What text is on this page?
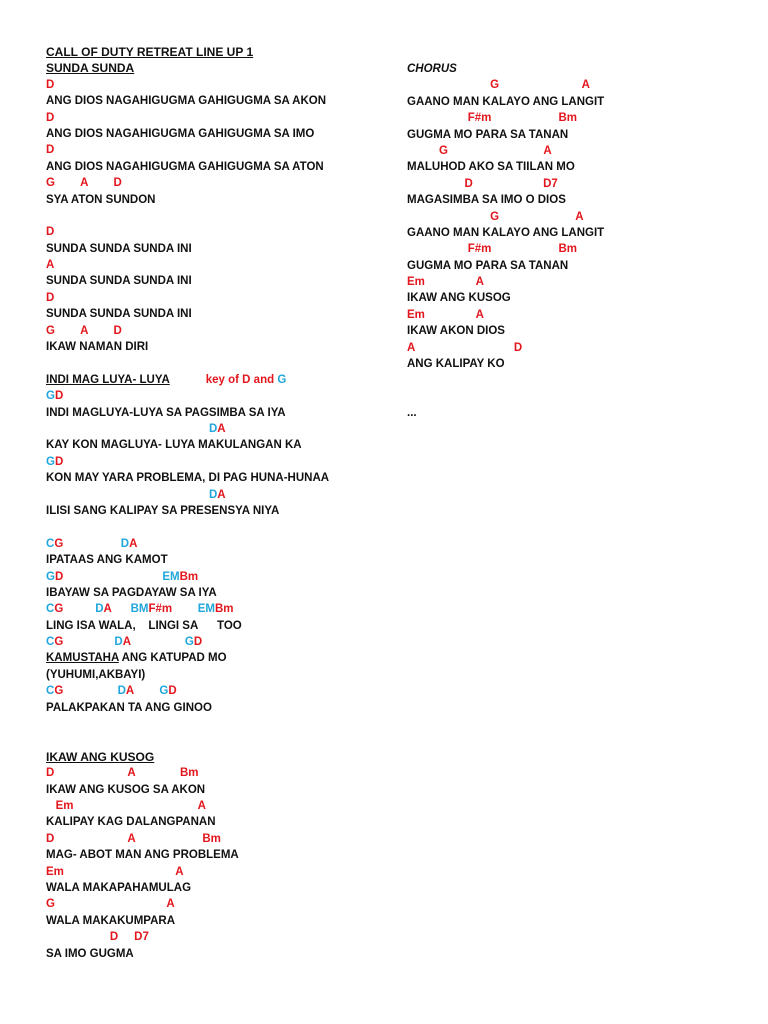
CALL OF DUTY RETREAT LINE UP 1
SUNDA SUNDA
D
ANG DIOS NAGAHIGUGMA GAHIGUGMA SA AKON
D
ANG DIOS NAGAHIGUGMA GAHIGUGMA SA IMO
D
ANG DIOS NAGAHIGUGMA GAHIGUGMA SA ATON
G        A        D
SYA ATON SUNDON
D
SUNDA SUNDA SUNDA INI
A
SUNDA SUNDA SUNDA INI
D
SUNDA SUNDA SUNDA INI
G        A        D
IKAW NAMAN DIRI
INDI MAG LUYA- LUYA	key of D and G
GD
INDI MAGLUYA-LUYA SA PAGSIMBA SA IYA
DA
KAY KON MAGLUYA- LUYA MAKULANGAN KA
GD
KON MAY YARA PROBLEMA, DI PAG HUNA-HUNAA
DA
ILISI SANG KALIPAY SA PRESENSYA NIYA
CG	DA
IPATAAS ANG KAMOT
GD	EMBm
IBAYAW SA PAGDAYAW SA IYA
CG	DA BMF#m EMBm
LING ISA WALA,    LINGI SA      TOO
CG	DA	GD
KAMUSTAHA ANG KATUPAD MO
(YUHUMI,AKBAYI)
CG	DA GD
PALAKPAKAN TA ANG GINOO
IKAW ANG KUSOG
D                       A              Bm
IKAW ANG KUSOG SA AKON
Em                                       A
KALIPAY KAG DALANGPANAN
D                       A                     Bm
MAG- ABOT MAN ANG PROBLEMA
Em                                   A
WALA MAKAPAHAMULAG
G                                   A
WALA MAKAKUMPARA
D     D7
SA IMO GUGMA
CHORUS
G                          A
GAANO MAN KALAYO ANG LANGIT
F#m                     Bm
GUGMA MO PARA SA TANAN
G                              A
MALUHOD AKO SA TIILAN MO
D                      D7
MAGASIMBA SA IMO O DIOS
G                        A
GAANO MAN KALAYO ANG LANGIT
F#m                     Bm
GUGMA MO PARA SA TANAN
Em                A
IKAW ANG KUSOG
Em                A
IKAW AKON DIOS
A                               D
ANG KALIPAY KO
...
